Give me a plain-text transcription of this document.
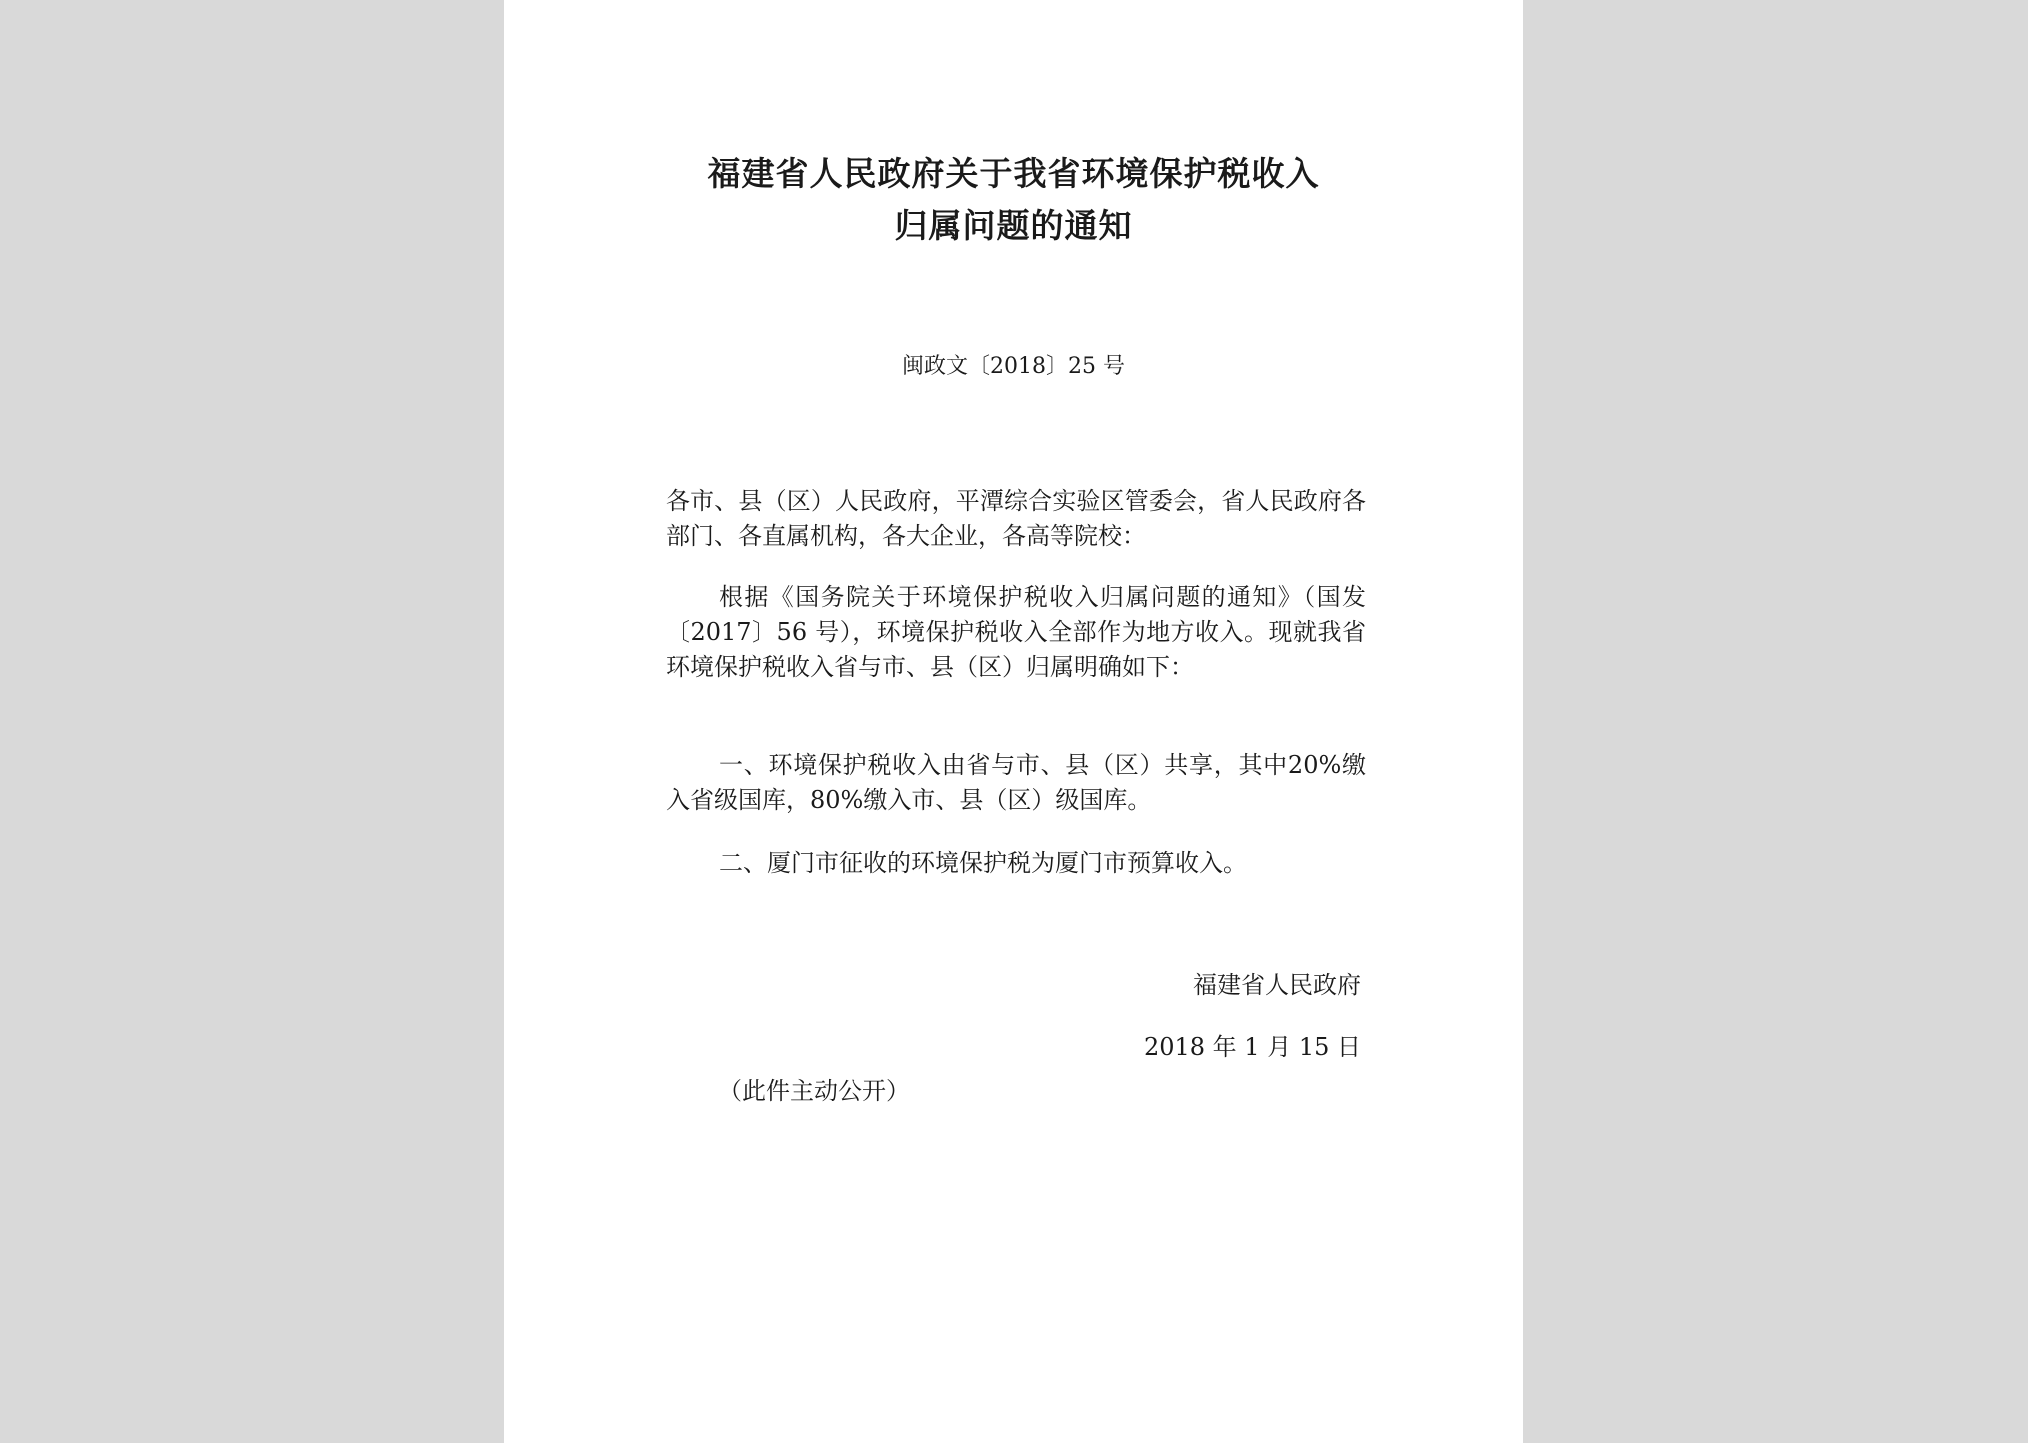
福建省人民政府关于我省环境保护税收入
归属问题的通知
闽政文〔2018〕25 号
各市、县（区）人民政府，平潭综合实验区管委会，省人民政府各部门、各直属机构，各大企业，各高等院校：
根据《国务院关于环境保护税收入归属问题的通知》（国发〔2017〕56 号），环境保护税收入全部作为地方收入。现就我省环境保护税收入省与市、县（区）归属明确如下：
一、环境保护税收入由省与市、县（区）共享，其中20%缴入省级国库，80%缴入市、县（区）级国库。
二、厦门市征收的环境保护税为厦门市预算收入。
福建省人民政府
2018 年 1 月 15 日
（此件主动公开）
